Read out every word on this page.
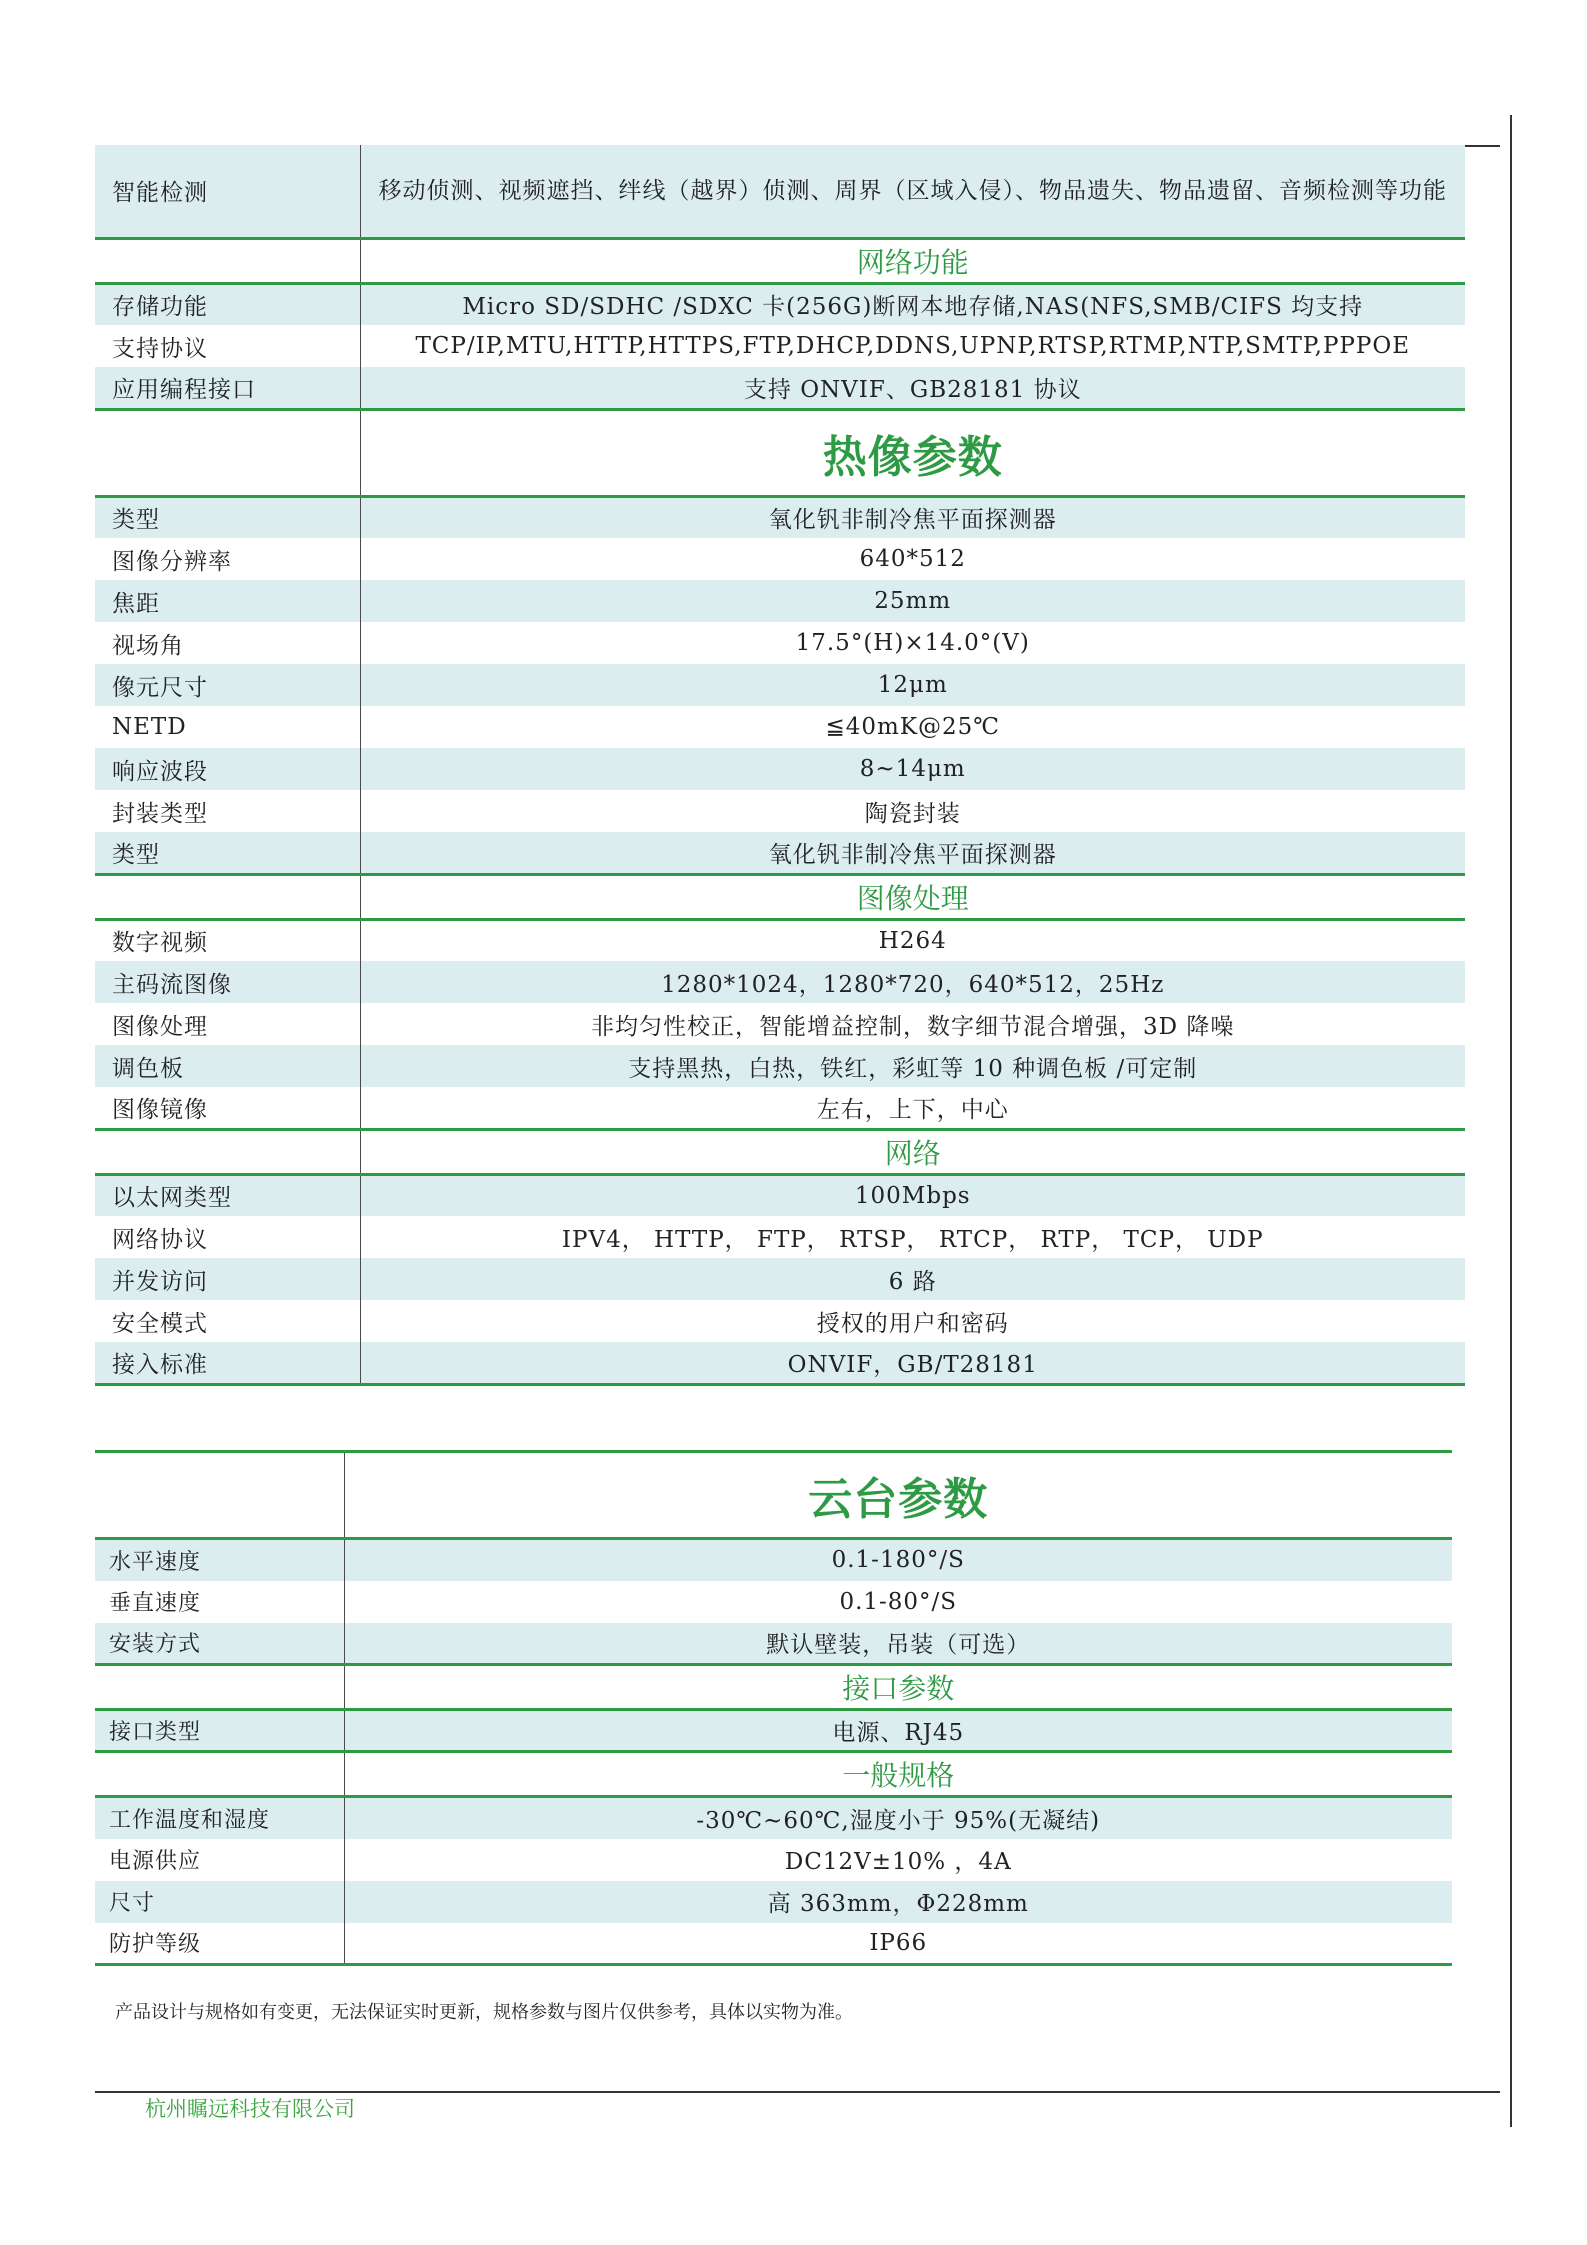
智能检测	移动侦测、视频遮挡、绊线（越界）侦测、周界（区域入侵）、物品遗失、物品遗留、音频检测等功能
	网络功能
存储功能	Micro SD/SDHC /SDXC 卡(256G)断网本地存储,NAS(NFS,SMB/CIFS 均支持
支持协议	TCP/IP,MTU,HTTP,HTTPS,FTP,DHCP,DDNS,UPNP,RTSP,RTMP,NTP,SMTP,PPPOE
应用编程接口	支持 ONVIF、GB28181 协议
	热像参数
类型	氧化钒非制冷焦平面探测器
图像分辨率	640*512
焦距	25mm
视场角	17.5°(H)×14.0°(V)
像元尺寸	12μm
NETD	≦40mK@25℃
响应波段	8~14μm
封装类型	陶瓷封装
类型	氧化钒非制冷焦平面探测器
	图像处理
数字视频	H264
主码流图像	1280*1024，1280*720，640*512，25Hz
图像处理	非均匀性校正，智能增益控制，数字细节混合增强，3D 降噪
调色板	支持黑热，白热，铁红，彩虹等 10 种调色板 /可定制
图像镜像	左右，上下，中心
	网络
以太网类型	100Mbps
网络协议	IPV4， HTTP， FTP， RTSP， RTCP， RTP， TCP， UDP
并发访问	6 路
安全模式	授权的用户和密码
接入标准	ONVIF，GB/T28181
	云台参数
水平速度	0.1-180°/S
垂直速度	0.1-80°/S
安装方式	默认壁装，吊装（可选）
	接口参数
接口类型	电源、RJ45
	一般规格
工作温度和湿度	-30℃~60℃,湿度小于 95%(无凝结)
电源供应	DC12V±10% ，4A
尺寸	高 363mm，Φ228mm
防护等级	IP66
产品设计与规格如有变更，无法保证实时更新，规格参数与图片仅供参考，具体以实物为准。
杭州瞩远科技有限公司
